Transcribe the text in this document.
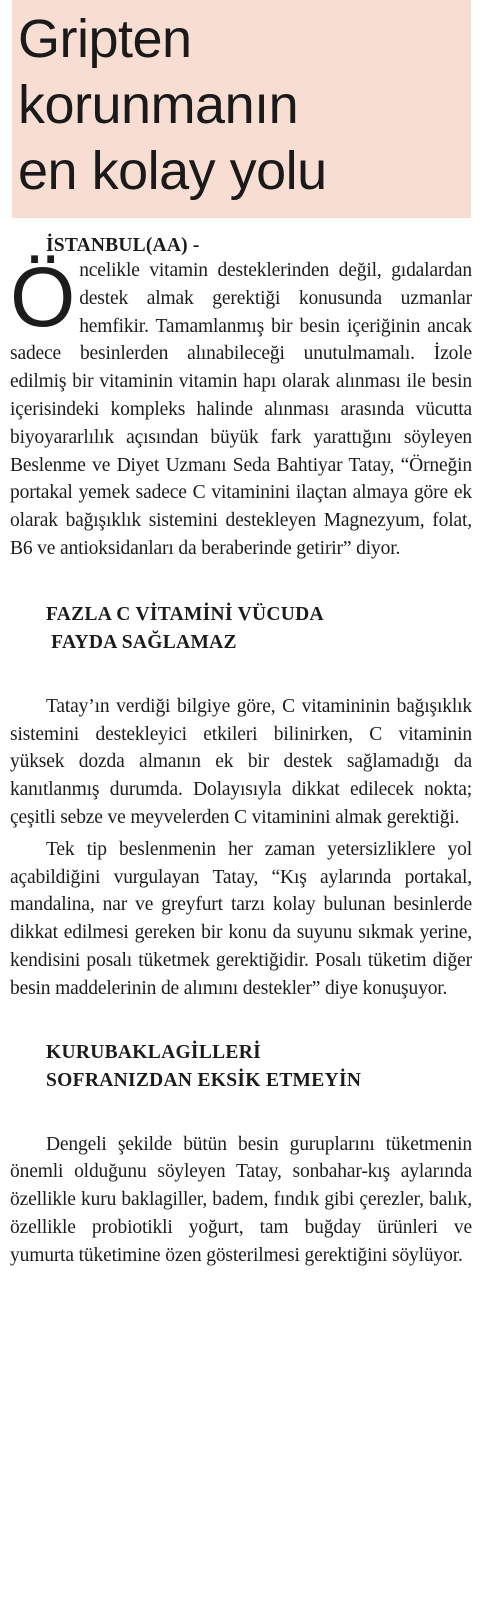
Gripten
korunmanın
en kolay yolu
İSTANBUL(AA) -

Öncelikle vitamin desteklerinden değil, gıdalardan destek almak gerektiği konusunda uzmanlar hemfikir. Tamamlanmış bir besin içeriğinin ancak sadece besinlerden alınabileceği unutulmamalı. İzole edilmiş bir vitaminin vitamin hapı olarak alınması ile besin içerisindeki kompleks halinde alınması arasında vücutta biyoyararlılık açısından büyük fark yarattığını söyleyen Beslenme ve Diyet Uzmanı Seda Bahtiyar Tatay, “Örneğin portakal yemek sadece C vitaminini ilaçtan almaya göre ek olarak bağışıklık sistemini destekleyen Magnezyum, folat, B6 ve antioksidanları da beraberinde getirir” diyor.

FAZLA C VİTAMİNİ VÜCUDA
FAYDA SAĞLAMAZ

Tatay’ın verdiği bilgiye göre, C vitamininin bağışıklık sistemini destekleyici etkileri bilinirken, C vitaminin yüksek dozda almanın ek bir destek sağlamadığı da kanıtlanmış durumda. Dolayısıyla dikkat edilecek nokta; çeşitli sebze ve meyvelerden C vitaminini almak gerektiği.

Tek tip beslenmenin her zaman yetersizliklere yol açabildiğini vurgulayan Tatay, “Kış aylarında portakal, mandalina, nar ve greyfurt tarzı kolay bulunan besinlerde dikkat edilmesi gereken bir konu da suyunu sıkmak yerine, kendisini posalı tüketmek gerektiğidir. Posalı tüketim diğer besin maddelerinin de alımını destekler” diye konuşuyor.

KURUBAKLAGİLLERİ
SOFRANIZDAN EKSİK ETMEYİN

Dengeli şekilde bütün besin guruplarını tüketmenin önemli olduğunu söyleyen Tatay, sonbahar-kış aylarında özellikle kuru baklagiller, badem, fındık gibi çerezler, balık, özellikle probiotikli yoğurt, tam buğday ürünleri ve yumurta tüketimine özen gösterilmesi gerektiğini söylüyor.
